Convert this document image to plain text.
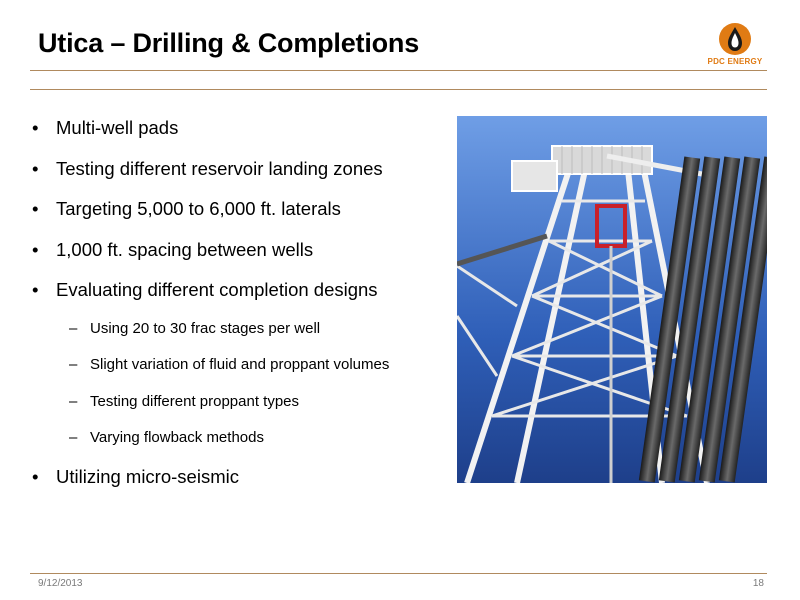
Utica – Drilling & Completions
PDC ENERGY
• Multi-well pads
• Testing different reservoir landing zones
• Targeting 5,000 to 6,000 ft. laterals
• 1,000 ft. spacing between wells
• Evaluating different completion designs
– Using 20 to 30 frac stages per well
– Slight variation of fluid and proppant volumes
– Testing different proppant types
– Varying flowback methods
• Utilizing micro-seismic
9/12/2013	18
